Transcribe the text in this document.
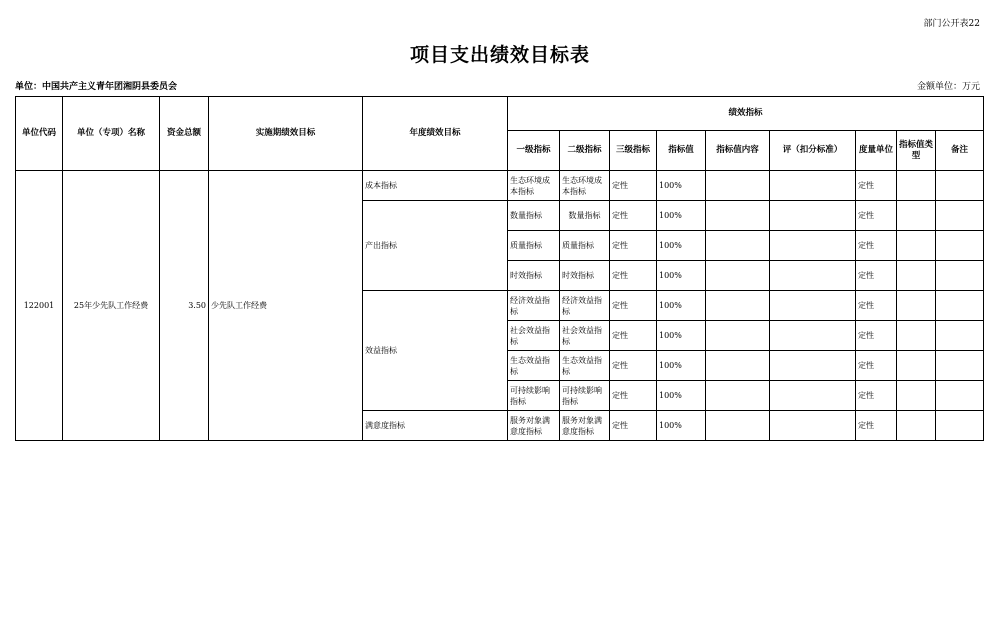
部门公开表22
项目支出绩效目标表
单位：中国共产主义青年团湘阴县委员会	金额单位：万元
单位代码	单位（专项）名称	资金总额	实施期绩效目标	年度绩效目标	绩效指标								
					一级指标	二级指标	三级指标	指标值	指标值内容	评（扣分标准）	度量单位	指标值类型	备注
122001	25年少先队工作经费	3.50	少先队工作经费	成本指标	生态环境成本指标	生态环境成本指标	定性	100%			定性		
				产出指标	数量指标	数量指标	定性	100%			定性		
					质量指标	质量指标	定性	100%			定性		
					时效指标	时效指标	定性	100%			定性		
				效益指标	经济效益指标	经济效益指标	定性	100%			定性		
					社会效益指标	社会效益指标	定性	100%			定性		
					生态效益指标	生态效益指标	定性	100%			定性		
					可持续影响指标	可持续影响指标	定性	100%			定性		
				满意度指标	服务对象满意度指标	服务对象满意度指标	定性	100%			定性		
